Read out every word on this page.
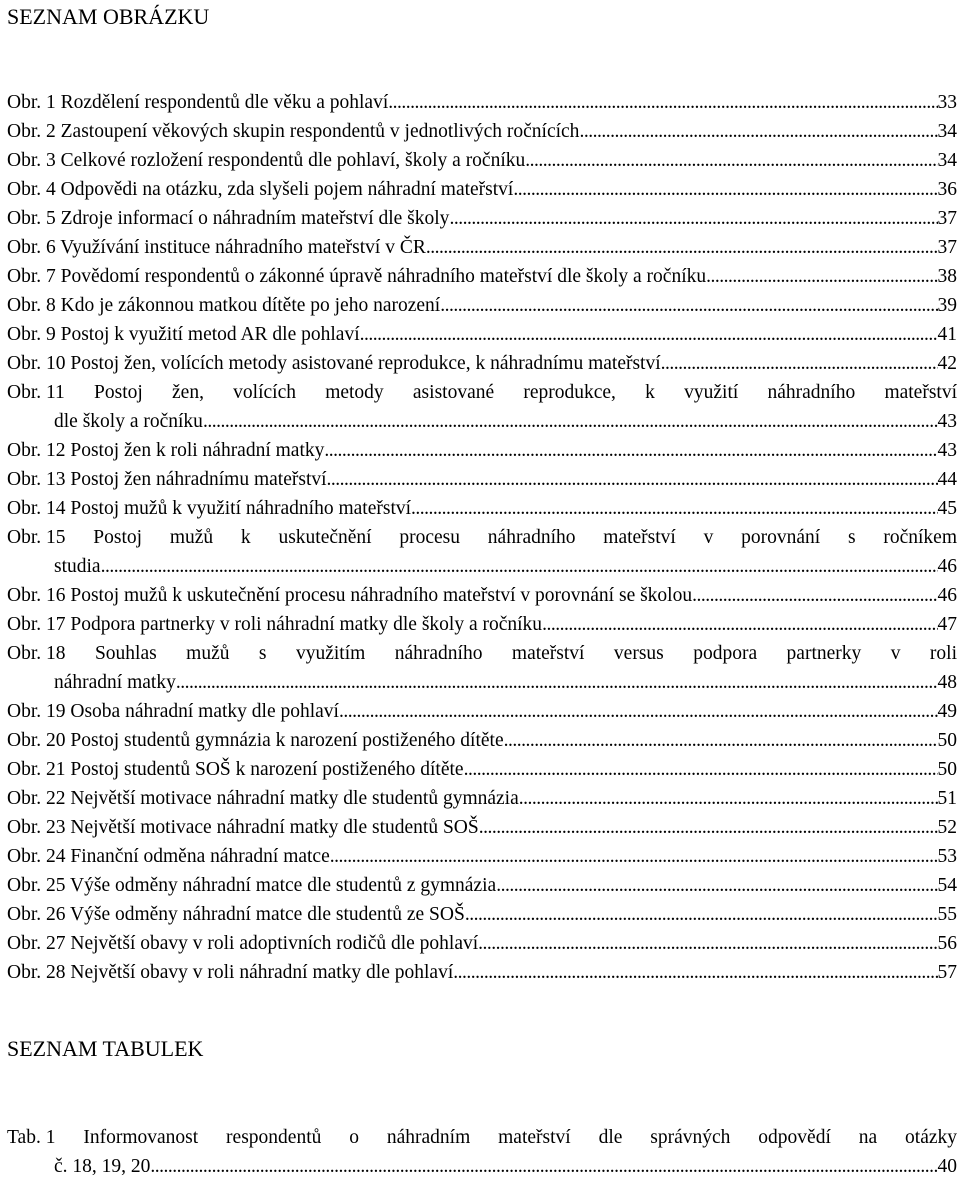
SEZNAM OBRÁZKU
Obr. 1 Rozdělení respondentů dle věku a pohlaví .....	33
Obr. 2 Zastoupení věkových skupin respondentů v jednotlivých ročnících .....	34
Obr. 3 Celkové rozložení respondentů dle pohlaví, školy a ročníku .....	34
Obr. 4 Odpovědi na otázku, zda slyšeli pojem náhradní mateřství .....	36
Obr. 5 Zdroje informací o náhradním mateřství dle školy .....	37
Obr. 6 Využívání instituce náhradního mateřství v ČR .....	37
Obr. 7 Povědomí respondentů o zákonné úpravě náhradního mateřství dle školy a ročníku .....	38
Obr. 8 Kdo je zákonnou matkou dítěte po jeho narození .....	39
Obr. 9 Postoj k využití metod AR dle pohlaví .....	41
Obr. 10 Postoj žen, volících metody asistované reprodukce, k náhradnímu mateřství .....	42
Obr. 11 Postoj žen, volících metody asistované reprodukce, k využití náhradního mateřství
dle školy a ročníku .....	43
Obr. 12 Postoj žen k roli náhradní matky .....	43
Obr. 13 Postoj žen náhradnímu mateřství .....	44
Obr. 14 Postoj mužů k využití náhradního mateřství .....	45
Obr. 15 Postoj mužů k uskutečnění procesu náhradního mateřství v porovnání s ročníkem
studia .....	46
Obr. 16 Postoj mužů k uskutečnění procesu náhradního mateřství v porovnání se školou .....	46
Obr. 17 Podpora partnerky v roli náhradní matky dle školy a ročníku .....	47
Obr. 18 Souhlas mužů s využitím náhradního mateřství versus podpora partnerky v roli
náhradní matky .....	48
Obr. 19 Osoba náhradní matky dle pohlaví .....	49
Obr. 20 Postoj studentů gymnázia k narození postiženého dítěte .....	50
Obr. 21 Postoj studentů SOŠ k narození postiženého dítěte .....	50
Obr. 22 Největší motivace náhradní matky dle studentů gymnázia .....	51
Obr. 23 Největší motivace náhradní matky dle studentů SOŠ .....	52
Obr. 24 Finanční odměna náhradní matce .....	53
Obr. 25 Výše odměny náhradní matce dle studentů z gymnázia .....	54
Obr. 26 Výše odměny náhradní matce dle studentů ze SOŠ .....	55
Obr. 27 Největší obavy v roli adoptivních rodičů dle pohlaví .....	56
Obr. 28 Největší obavy v roli náhradní matky dle pohlaví .....	57
SEZNAM TABULEK
Tab. 1 Informovanost respondentů o náhradním mateřství dle správných odpovědí na otázky
č. 18, 19, 20 .....	40
